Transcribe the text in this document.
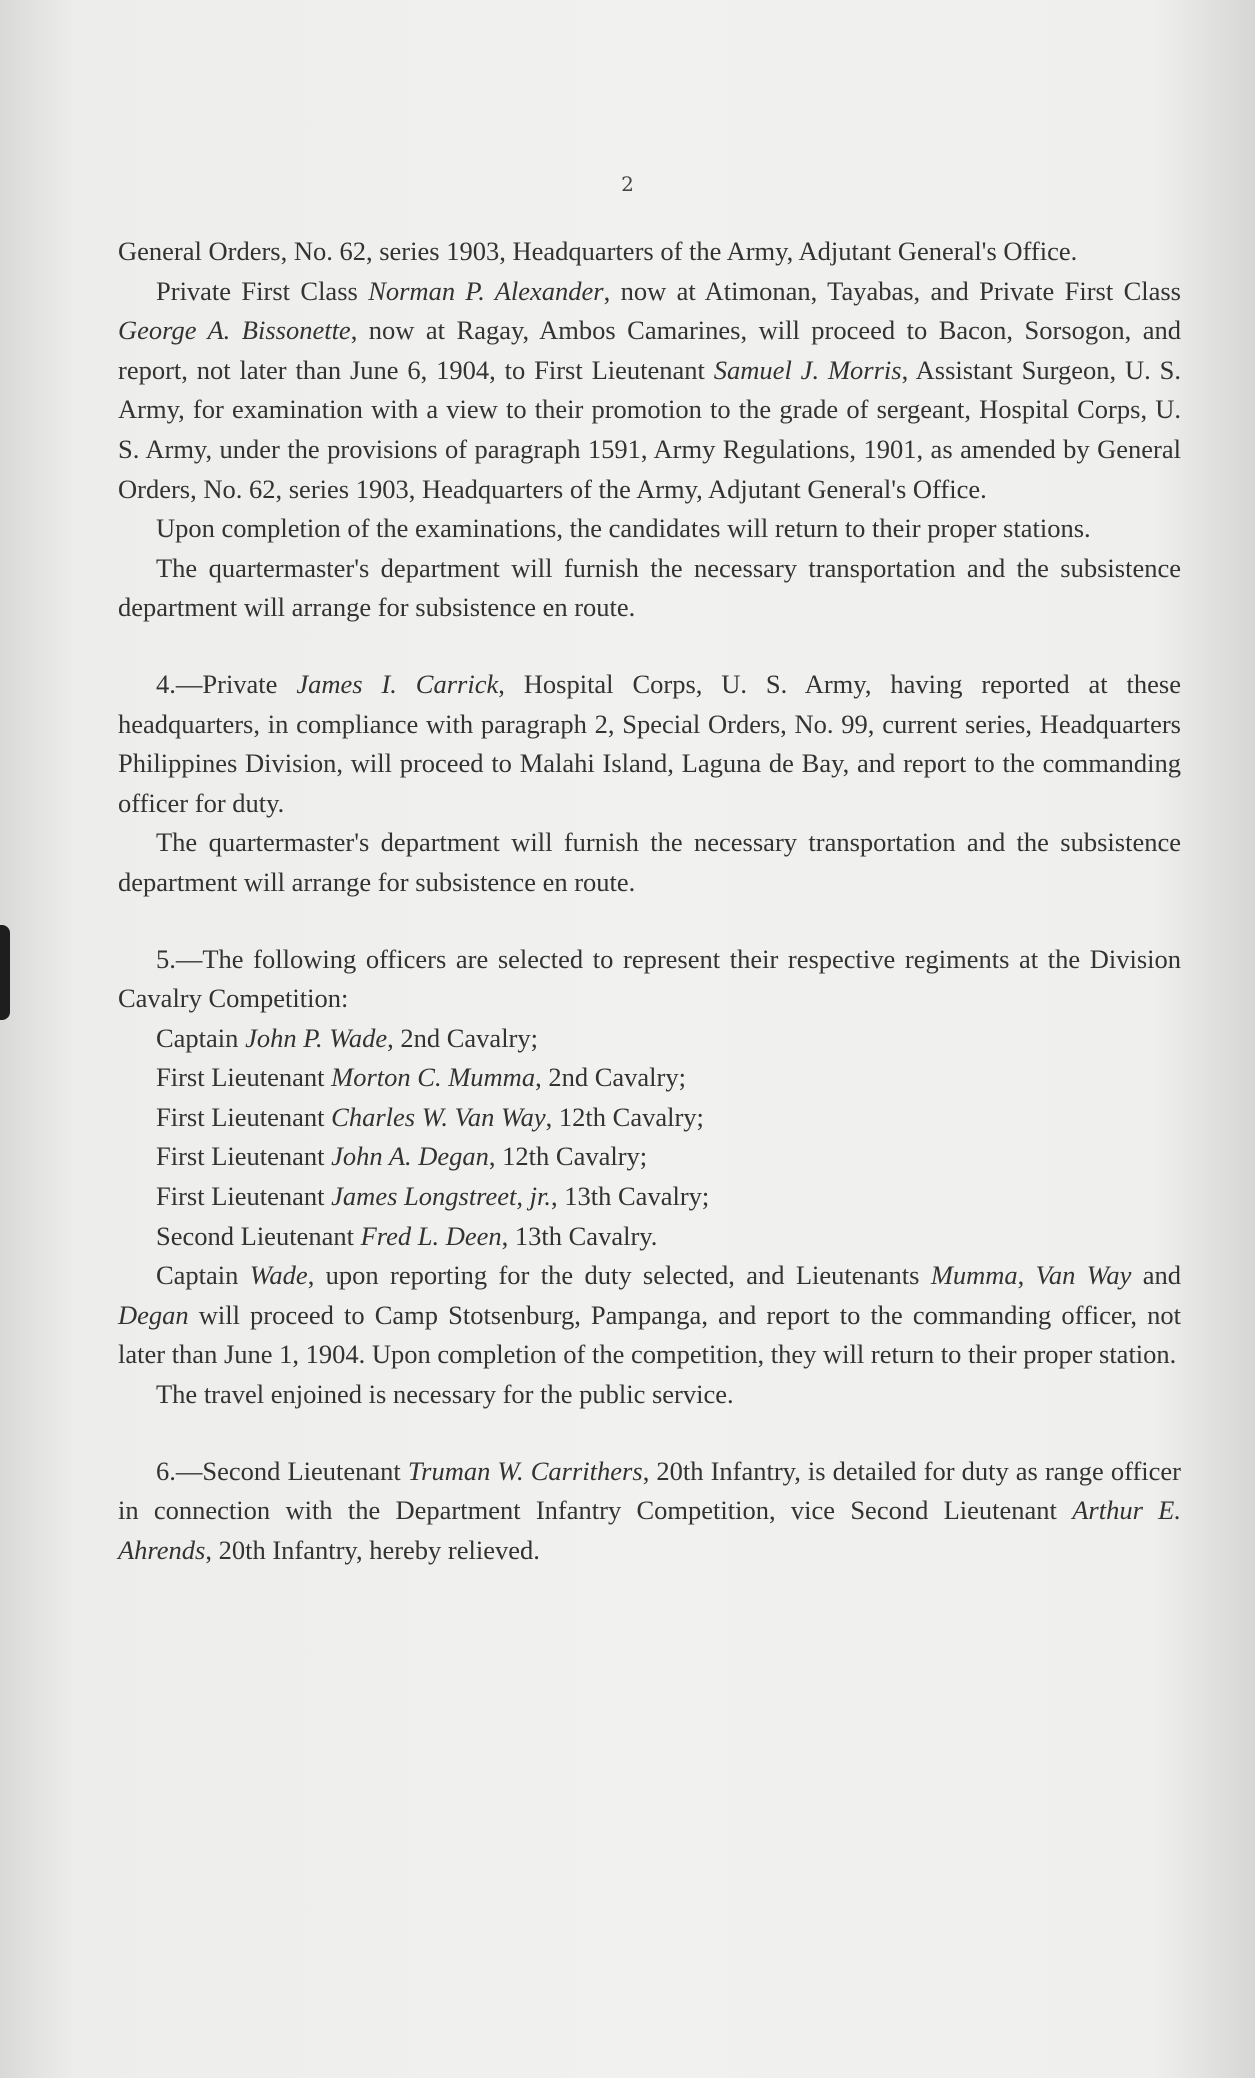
2

General Orders, No. 62, series 1903, Headquarters of the Army, Adjutant General's Office.

Private First Class Norman P. Alexander, now at Atimonan, Tayabas, and Private First Class George A. Bissonette, now at Ragay, Ambos Camarines, will proceed to Bacon, Sorsogon, and report, not later than June 6, 1904, to First Lieutenant Samuel J. Morris, Assistant Surgeon, U. S. Army, for examination with a view to their promotion to the grade of sergeant, Hospital Corps, U. S. Army, under the provisions of paragraph 1591, Army Regulations, 1901, as amended by General Orders, No. 62, series 1903, Headquarters of the Army, Adjutant General's Office.

Upon completion of the examinations, the candidates will return to their proper stations.

The quartermaster's department will furnish the necessary transportation and the subsistence department will arrange for subsistence en route.

4.—Private James I. Carrick, Hospital Corps, U. S. Army, having reported at these headquarters, in compliance with paragraph 2, Special Orders, No. 99, current series, Headquarters Philippines Division, will proceed to Malahi Island, Laguna de Bay, and report to the commanding officer for duty.

The quartermaster's department will furnish the necessary transportation and the subsistence department will arrange for subsistence en route.

5.—The following officers are selected to represent their respective regiments at the Division Cavalry Competition:

Captain John P. Wade, 2nd Cavalry;

First Lieutenant Morton C. Mumma, 2nd Cavalry;

First Lieutenant Charles W. Van Way, 12th Cavalry;

First Lieutenant John A. Degan, 12th Cavalry;

First Lieutenant James Longstreet, jr., 13th Cavalry;

Second Lieutenant Fred L. Deen, 13th Cavalry.

Captain Wade, upon reporting for the duty selected, and Lieutenants Mumma, Van Way and Degan will proceed to Camp Stotsenburg, Pampanga, and report to the commanding officer, not later than June 1, 1904. Upon completion of the competition, they will return to their proper station.

The travel enjoined is necessary for the public service.

6.—Second Lieutenant Truman W. Carrithers, 20th Infantry, is detailed for duty as range officer in connection with the Department Infantry Competition, vice Second Lieutenant Arthur E. Ahrends, 20th Infantry, hereby relieved.
